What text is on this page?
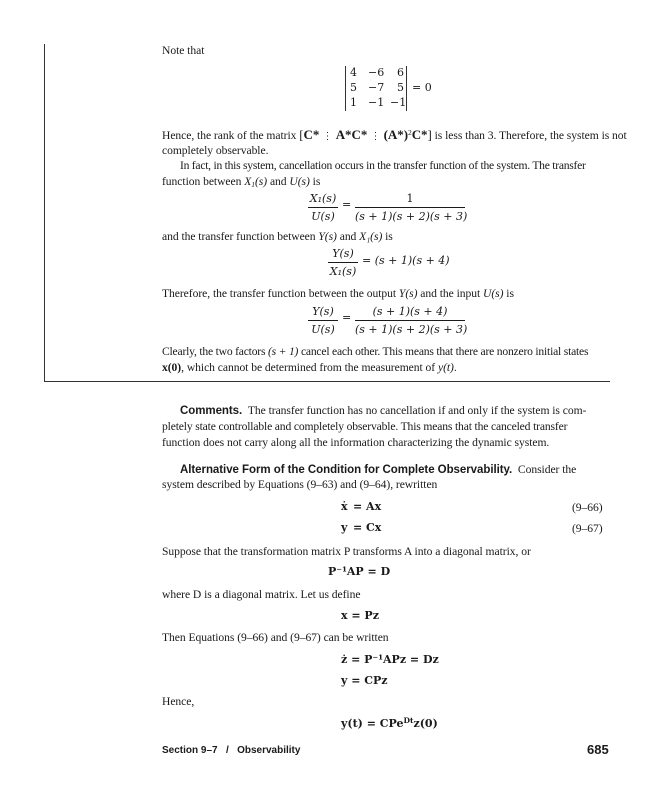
Note that
4 −6	6
5 −7	5
1 −1 −1
= 0
Hence, the rank of the matrix [C* ⋮ A*C* ⋮ $(A*)^2C*$] is less than 3. Therefore, the system is not
completely observable.
In fact, in this system, cancellation occurs in the transfer function of the system. The transfer
function between $X_1(s)$ and U(s) is
X₁(s)
U(s)
=	1
(s + 1)(s + 2)(s + 3)
and the transfer function between Y(s) and X₁(s) is
Y(s)
X₁(s)
= (s + 1)(s + 4)
Therefore, the transfer function between the output Y(s) and the input U(s) is
Y(s)
U(s)
=	(s + 1)(s + 4)
(s + 1)(s + 2)(s + 3)
Clearly, the two factors (s + 1) cancel each other. This means that there are nonzero initial states
x(0), which cannot be determined from the measurement of y(t).
Comments. The transfer function has no cancellation if and only if the system is com-
pletely state controllable and completely observable. This means that the canceled transfer
function does not carry along all the information characterizing the dynamic system.
Alternative Form of the Condition for Complete Observability. Consider the
system described by Equations (9–63) and (9–64), rewritten
ẋ = Ax	(9–66)
y = Cx	(9–67)
Suppose that the transformation matrix P transforms A into a diagonal matrix, or
P⁻¹AP = D
where D is a diagonal matrix. Let us define
x = Pz
Then Equations (9–66) and (9–67) can be written
ż = P⁻¹APz = Dz
y = CPz
Hence,
y(t) = CPe$^{Dt}$z(0)
Section 9–7 / Observability	685
